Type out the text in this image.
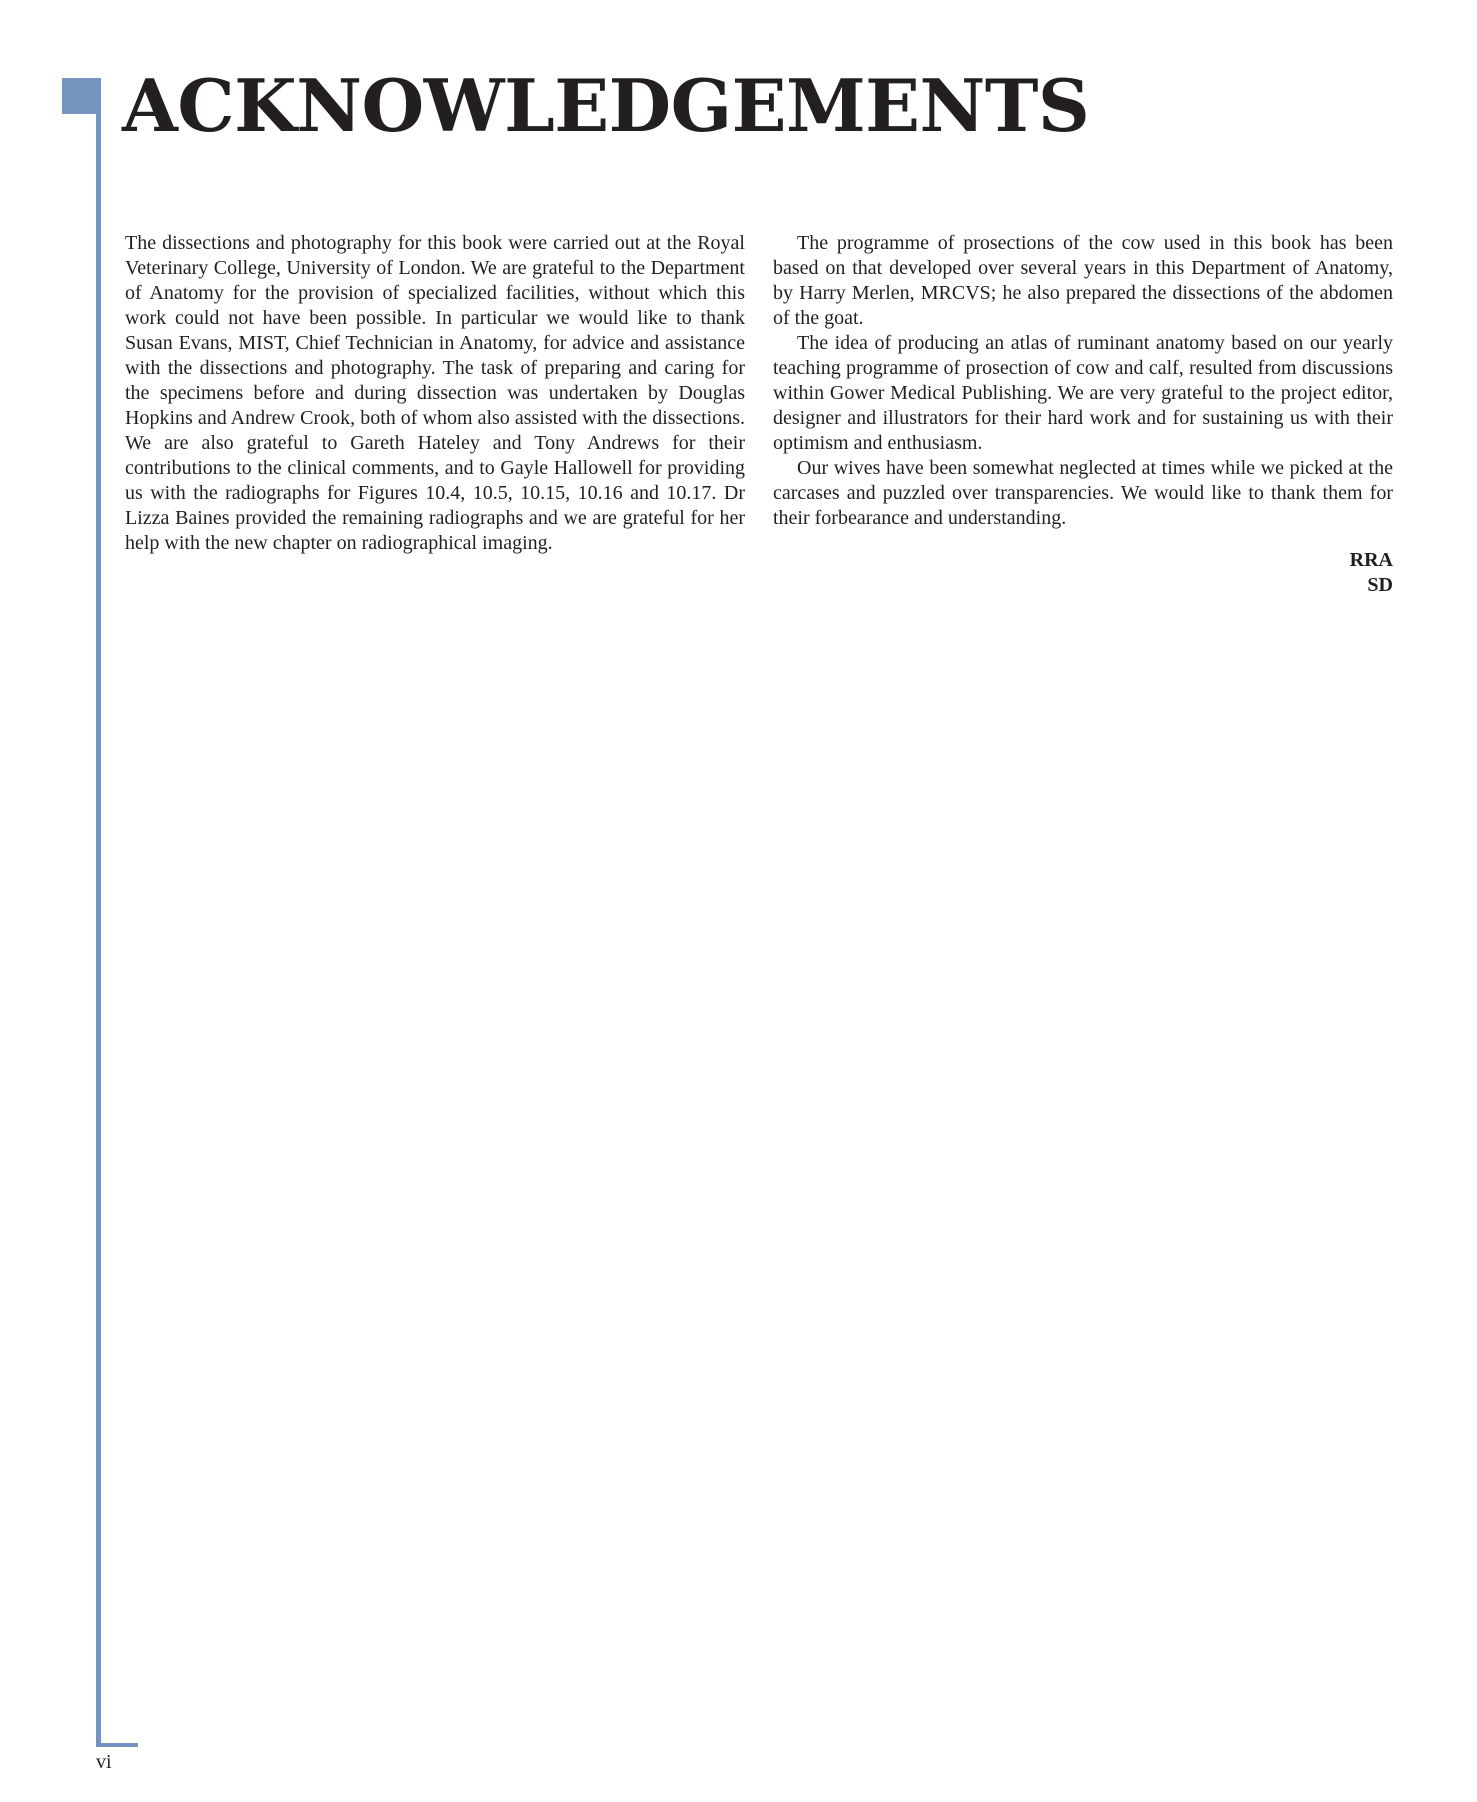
ACKNOWLEDGEMENTS

The dissections and photography for this book were carried out at the Royal Veterinary College, University of London. We are grateful to the Department of Anatomy for the provision of specialized facilities, without which this work could not have been possible. In particular we would like to thank Susan Evans, MIST, Chief Technician in Anatomy, for advice and assistance with the dissections and photography. The task of preparing and caring for the specimens before and during dissection was undertaken by Douglas Hopkins and Andrew Crook, both of whom also assisted with the dissections. We are also grateful to Gareth Hateley and Tony Andrews for their contributions to the clinical comments, and to Gayle Hallowell for providing us with the radiographs for Figures 10.4, 10.5, 10.15, 10.16 and 10.17. Dr Lizza Baines provided the remaining radiographs and we are grateful for her help with the new chapter on radiographical imaging.

The programme of prosections of the cow used in this book has been based on that developed over several years in this Department of Anatomy, by Harry Merlen, MRCVS; he also prepared the dissections of the abdomen of the goat.

The idea of producing an atlas of ruminant anatomy based on our yearly teaching programme of prosection of cow and calf, resulted from discussions within Gower Medical Publishing. We are very grateful to the project editor, designer and illustrators for their hard work and for sustaining us with their optimism and enthusiasm.

Our wives have been somewhat neglected at times while we picked at the carcases and puzzled over transparencies. We would like to thank them for their forbearance and understanding.

RRA
SD
vi
